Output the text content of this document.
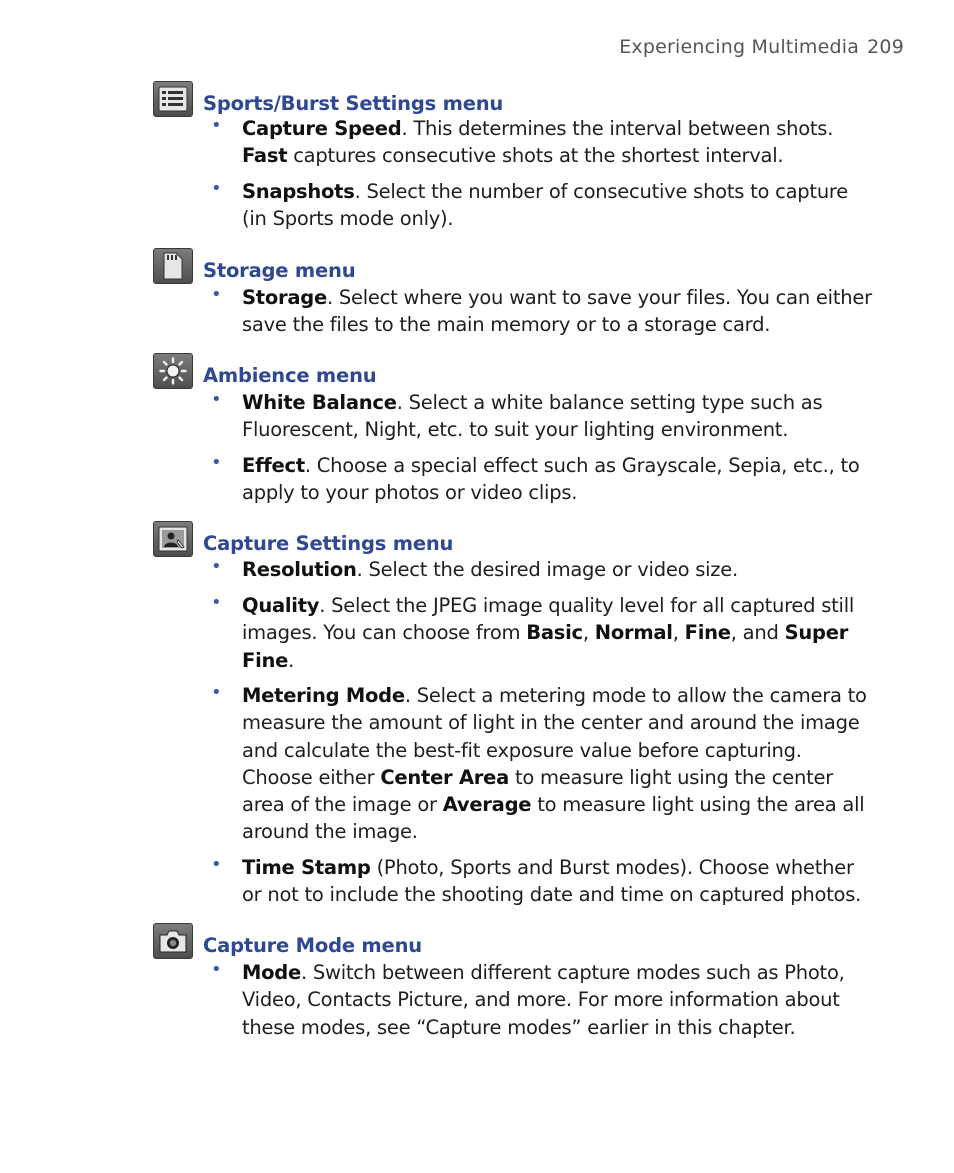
Experiencing Multimedia 209
Sports/Burst Settings menu
• Capture Speed. This determines the interval between shots. Fast captures consecutive shots at the shortest interval.
• Snapshots. Select the number of consecutive shots to capture (in Sports mode only).
Storage menu
• Storage. Select where you want to save your files. You can either save the files to the main memory or to a storage card.
Ambience menu
• White Balance. Select a white balance setting type such as Fluorescent, Night, etc. to suit your lighting environment.
• Effect. Choose a special effect such as Grayscale, Sepia, etc., to apply to your photos or video clips.
Capture Settings menu
• Resolution. Select the desired image or video size.
• Quality. Select the JPEG image quality level for all captured still images. You can choose from Basic, Normal, Fine, and Super Fine.
• Metering Mode. Select a metering mode to allow the camera to measure the amount of light in the center and around the image and calculate the best-fit exposure value before capturing. Choose either Center Area to measure light using the center area of the image or Average to measure light using the area all around the image.
• Time Stamp (Photo, Sports and Burst modes). Choose whether or not to include the shooting date and time on captured photos.
Capture Mode menu
• Mode. Switch between different capture modes such as Photo, Video, Contacts Picture, and more. For more information about these modes, see “Capture modes” earlier in this chapter.
